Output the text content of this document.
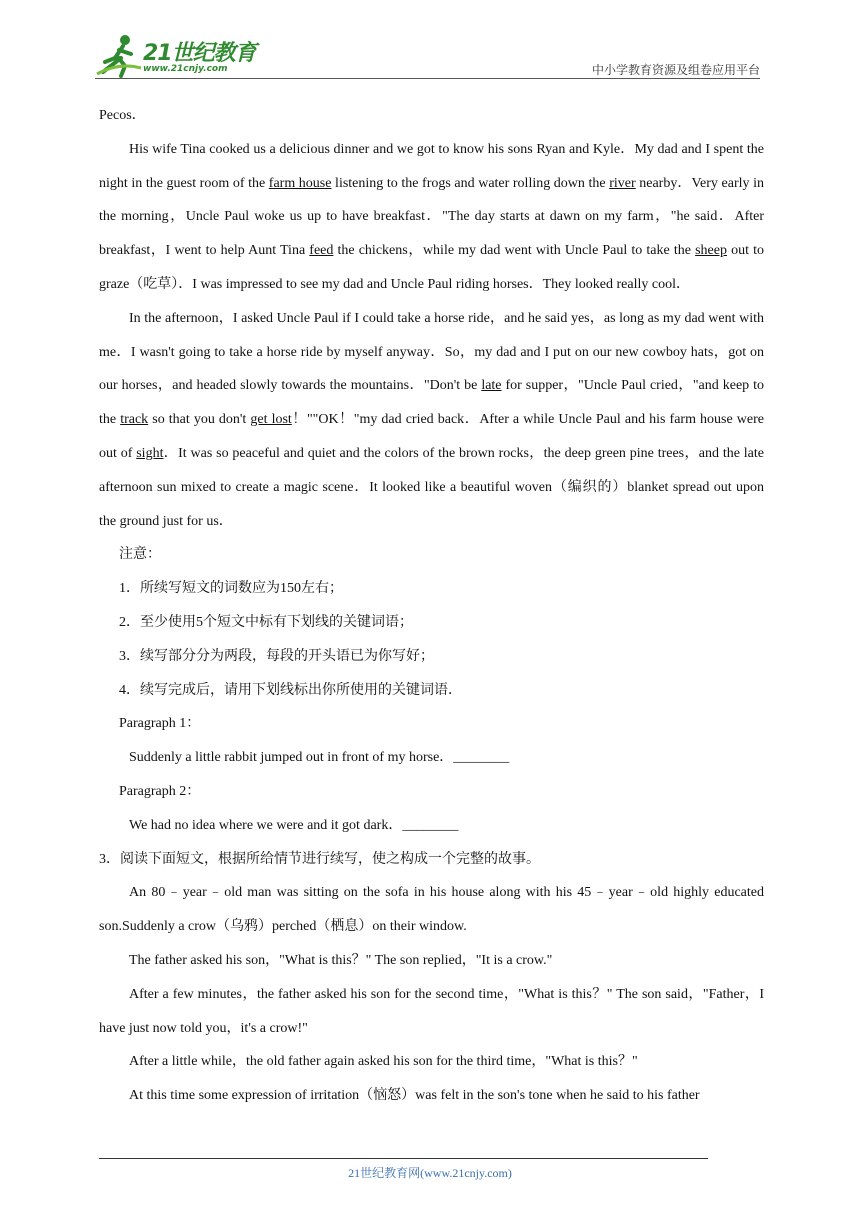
21世纪教育
www.21cnjy.com	中小学教育资源及组卷应用平台

Pecos．

His wife Tina cooked us a delicious dinner and we got to know his sons Ryan and Kyle．My dad and I spent the night in the guest room of the farm house listening to the frogs and water rolling down the river nearby．Very early in the morning，Uncle Paul woke us up to have breakfast．"The day starts at dawn on my farm，"he said．After breakfast，I went to help Aunt Tina feed the chickens，while my dad went with Uncle Paul to take the sheep out to graze（吃草）．I was impressed to see my dad and Uncle Paul riding horses．They looked really cool．

In the afternoon，I asked Uncle Paul if I could take a horse ride，and he said yes，as long as my dad went with me．I wasn't going to take a horse ride by myself anyway．So，my dad and I put on our new cowboy hats，got on our horses，and headed slowly towards the mountains．"Don't be late for supper，"Uncle Paul cried，"and keep to the track so that you don't get lost！""OK！"my dad cried back．After a while Uncle Paul and his farm house were out of sight．It was so peaceful and quiet and the colors of the brown rocks，the deep green pine trees，and the late afternoon sun mixed to create a magic scene．It looked like a beautiful woven（编织的）blanket spread out upon the ground just for us．

注意：

1．所续写短文的词数应为150左右；

2．至少使用5个短文中标有下划线的关键词语；

3．续写部分分为两段，每段的开头语已为你写好；

4．续写完成后，请用下划线标出你所使用的关键词语．

Paragraph 1：

Suddenly a little rabbit jumped out in front of my horse．________

Paragraph 2：

We had no idea where we were and it got dark．________

3．阅读下面短文，根据所给情节进行续写，使之构成一个完整的故事。

An 80﹣year﹣old man was sitting on the sofa in his house along with his 45﹣year﹣old highly educated son.Suddenly a crow（乌鸦）perched（栖息）on their window.

The father asked his son，"What is this？" The son replied，"It is a crow."

After a few minutes，the father asked his son for the second time，"What is this？" The son said，"Father，I have just now told you，it's a crow!"

After a little while，the old father again asked his son for the third time，"What is this？"

At this time some expression of irritation（恼怒）was felt in the son's tone when he said to his father

21世纪教育网(www.21cnjy.com)
